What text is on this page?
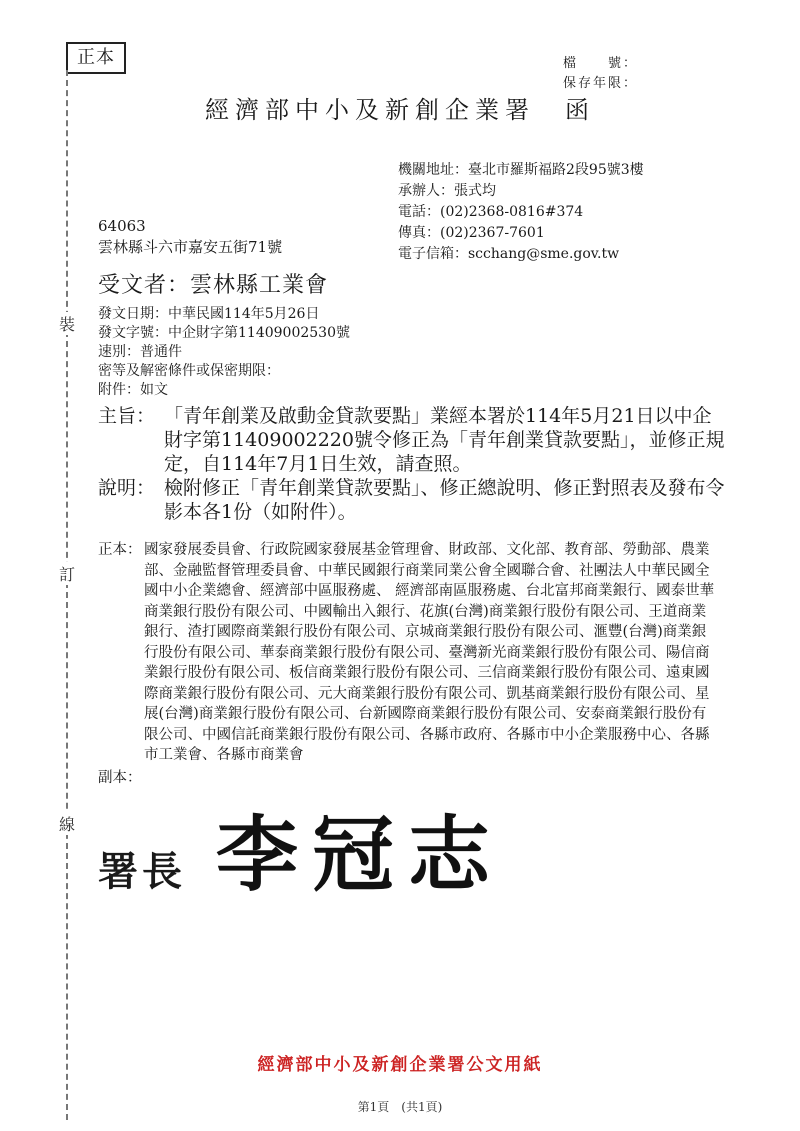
正本
裝
訂
線
檔　　號：
保存年限：
經濟部中小及新創企業署　函
機關地址：臺北市羅斯福路2段95號3樓
承辦人：張式均
電話：(02)2368-0816#374
傳真：(02)2367-7601
電子信箱：scchang@sme.gov.tw
64063
雲林縣斗六市嘉安五街71號
受文者：雲林縣工業會
發文日期：中華民國114年5月26日
發文字號：中企財字第11409002530號
速別：普通件
密等及解密條件或保密期限：
附件：如文
主旨： 「青年創業及啟動金貸款要點」業經本署於114年5月21日以中企財字第11409002220號令修正為「青年創業貸款要點」，並修正規定，自114年7月1日生效，請查照。
說明： 檢附修正「青年創業貸款要點」、修正總說明、修正對照表及發布令影本各1份（如附件）。
正本： 國家發展委員會、行政院國家發展基金管理會、財政部、文化部、教育部、勞動部、農業部、金融監督管理委員會、中華民國銀行商業同業公會全國聯合會、社團法人中華民國全國中小企業總會、經濟部中區服務處、 經濟部南區服務處、台北富邦商業銀行、國泰世華商業銀行股份有限公司、中國輸出入銀行、花旗(台灣)商業銀行股份有限公司、王道商業銀行、渣打國際商業銀行股份有限公司、京城商業銀行股份有限公司、滙豐(台灣)商業銀行股份有限公司、華泰商業銀行股份有限公司、臺灣新光商業銀行股份有限公司、陽信商業銀行股份有限公司、板信商業銀行股份有限公司、三信商業銀行股份有限公司、遠東國際商業銀行股份有限公司、元大商業銀行股份有限公司、凱基商業銀行股份有限公司、星展(台灣)商業銀行股份有限公司、台新國際商業銀行股份有限公司、安泰商業銀行股份有限公司、中國信託商業銀行股份有限公司、各縣市政府、各縣市中小企業服務中心、各縣市工業會、各縣市商業會
副本：
署長 李冠志
經濟部中小及新創企業署公文用紙
第1頁　(共1頁)
